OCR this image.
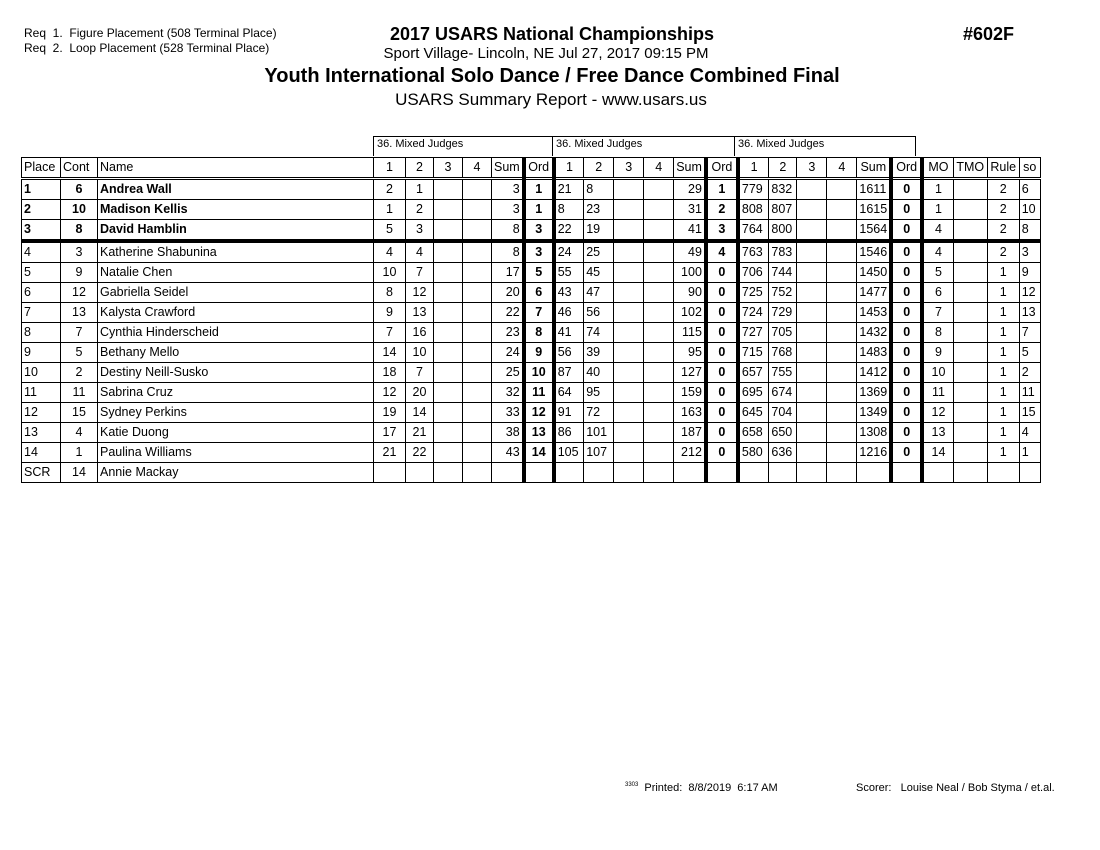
Req  1.  Figure Placement (508 Terminal Place)
Req  2.  Loop Placement (528 Terminal Place)
2017 USARS National Championships
Sport Village- Lincoln, NE Jul 27, 2017 09:15 PM
Youth International Solo Dance / Free Dance Combined Final
USARS Summary Report - www.usars.us
#602F
36. Mixed Judges	36. Mixed Judges	36. Mixed Judges
Place	Cont	Name	1	2	3	4	Sum	Ord	1	2	3	4	Sum	Ord	1	2	3	4	Sum	Ord	MO	TMO	Rule	so
1	6	Andrea Wall	2	1			3	1	21	8			29	1	779	832			1611	0	1		2	6
2	10	Madison Kellis	1	2			3	1	8	23			31	2	808	807			1615	0	1		2	10
3	8	David Hamblin	5	3			8	3	22	19			41	3	764	800			1564	0	4		2	8
4	3	Katherine Shabunina	4	4			8	3	24	25			49	4	763	783			1546	0	4		2	3
5	9	Natalie Chen	10	7			17	5	55	45			100	0	706	744			1450	0	5		1	9
6	12	Gabriella Seidel	8	12			20	6	43	47			90	0	725	752			1477	0	6		1	12
7	13	Kalysta Crawford	9	13			22	7	46	56			102	0	724	729			1453	0	7		1	13
8	7	Cynthia Hinderscheid	7	16			23	8	41	74			115	0	727	705			1432	0	8		1	7
9	5	Bethany Mello	14	10			24	9	56	39			95	0	715	768			1483	0	9		1	5
10	2	Destiny Neill-Susko	18	7			25	10	87	40			127	0	657	755			1412	0	10		1	2
11	11	Sabrina Cruz	12	20			32	11	64	95			159	0	695	674			1369	0	11		1	11
12	15	Sydney Perkins	19	14			33	12	91	72			163	0	645	704			1349	0	12		1	15
13	4	Katie Duong	17	21			38	13	86	101			187	0	658	650			1308	0	13		1	4
14	1	Paulina Williams	21	22			43	14	105	107			212	0	580	636			1216	0	14		1	1
SCR	14	Annie Mackay																						
$^{3303}$ Printed:  8/8/2019  6:17 AM	Scorer:   Louise Neal / Bob Styma / et.al.
